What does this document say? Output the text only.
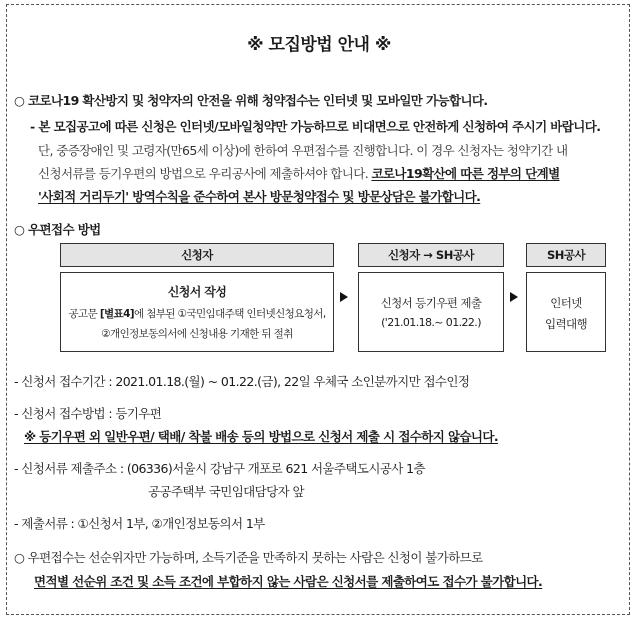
※ 모집방법 안내 ※
○ 코로나19 확산방지 및 청약자의 안전을 위해 청약접수는 인터넷 및 모바일만 가능합니다.
- 본 모집공고에 따른 신청은 인터넷/모바일청약만 가능하므로 비대면으로 안전하게 신청하여 주시기 바랍니다.
단, 중증장애인 및 고령자(만65세 이상)에 한하여 우편접수를 진행합니다. 이 경우 신청자는 청약기간 내
신청서류를 등기우편의 방법으로 우리공사에 제출하셔야 합니다. 코로나19확산에 따른 정부의 단계별
'사회적 거리두기' 방역수칙을 준수하여 본사 방문청약접수 및 방문상담은 불가합니다.
○ 우편접수 방법
신청자	신청자 → SH공사	SH공사
신청서 작성
공고문 [별표4]에 첨부된 ①국민임대주택 인터넷신청요청서,
②개인정보동의서에 신청내용 기재한 뒤 절취
신청서 등기우편 제출
('21.01.18.~ 01.22.)
인터넷
입력대행
- 신청서 접수기간 : 2021.01.18.(월) ~ 01.22.(금), 22일 우체국 소인분까지만 접수인정
- 신청서 접수방법 : 등기우편
※ 등기우편 외 일반우편/ 택배/ 착불 배송 등의 방법으로 신청서 제출 시 접수하지 않습니다.
- 신청서류 제출주소 : (06336)서울시 강남구 개포로 621 서울주택도시공사 1층
공공주택부 국민임대담당자 앞
- 제출서류 : ①신청서 1부, ②개인정보동의서 1부
○ 우편접수는 선순위자만 가능하며, 소득기준을 만족하지 못하는 사람은 신청이 불가하므로
면적별 선순위 조건 및 소득 조건에 부합하지 않는 사람은 신청서를 제출하여도 접수가 불가합니다.
